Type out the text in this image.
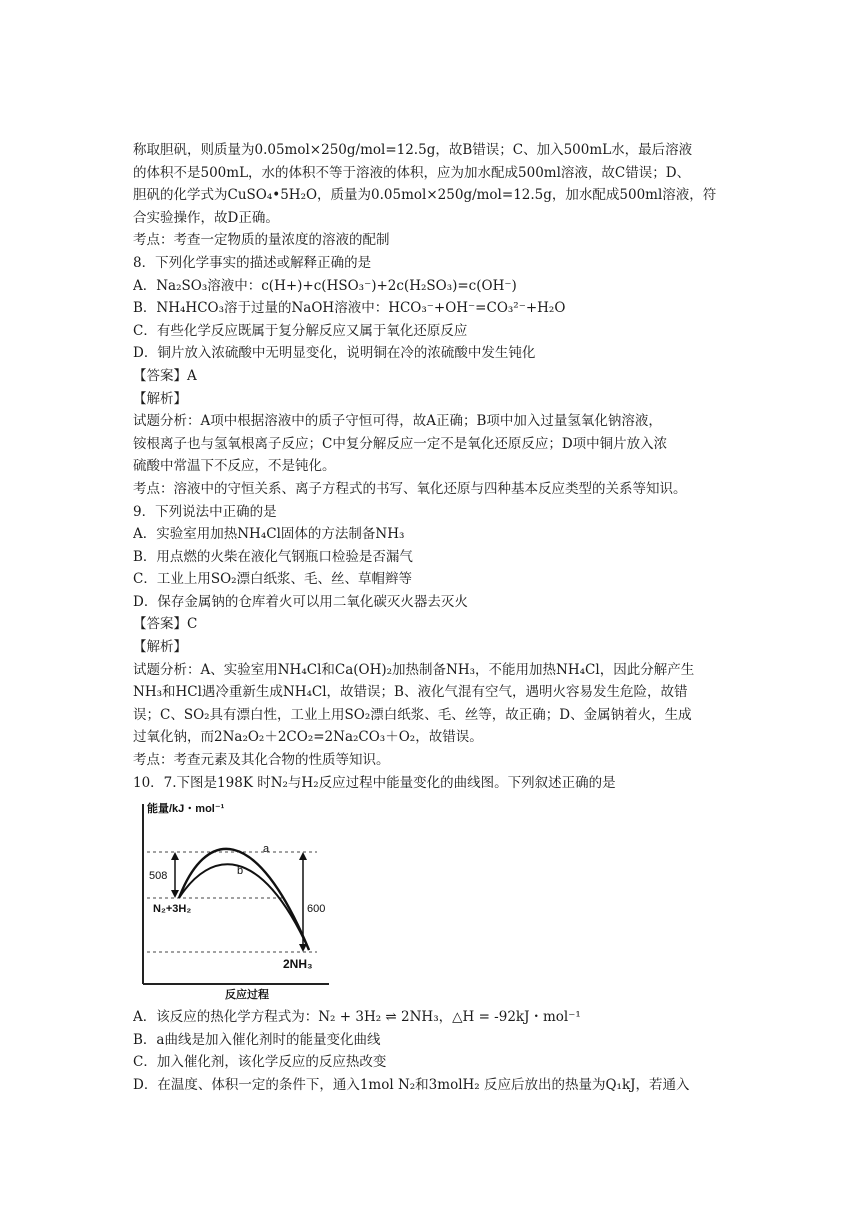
称取胆矾，则质量为0.05mol×250g/mol=12.5g，故B错误；C、加入500mL水，最后溶液
的体积不是500mL，水的体积不等于溶液的体积，应为加水配成500ml溶液，故C错误；D、
胆矾的化学式为CuSO₄•5H₂O，质量为0.05mol×250g/mol=12.5g，加水配成500ml溶液，符
合实验操作，故D正确。
考点：考查一定物质的量浓度的溶液的配制
8．下列化学事实的描述或解释正确的是
A．Na₂SO₃溶液中：c(H+)+c(HSO₃⁻)+2c(H₂SO₃)=c(OH⁻)
B．NH₄HCO₃溶于过量的NaOH溶液中：HCO₃⁻+OH⁻=CO₃²⁻+H₂O
C．有些化学反应既属于复分解反应又属于氧化还原反应
D．铜片放入浓硫酸中无明显变化，说明铜在冷的浓硫酸中发生钝化
【答案】A
【解析】
试题分析：A项中根据溶液中的质子守恒可得，故A正确；B项中加入过量氢氧化钠溶液，
铵根离子也与氢氧根离子反应；C中复分解反应一定不是氧化还原反应；D项中铜片放入浓
硫酸中常温下不反应，不是钝化。
考点：溶液中的守恒关系、离子方程式的书写、氧化还原与四种基本反应类型的关系等知识。
9．下列说法中正确的是
A．实验室用加热NH₄Cl固体的方法制备NH₃
B．用点燃的火柴在液化气钢瓶口检验是否漏气
C．工业上用SO₂漂白纸浆、毛、丝、草帽辫等
D．保存金属钠的仓库着火可以用二氧化碳灭火器去灭火
【答案】C
【解析】
试题分析：A、实验室用NH₄Cl和Ca(OH)₂加热制备NH₃，不能用加热NH₄Cl，因此分解产生
NH₃和HCl遇冷重新生成NH₄Cl，故错误；B、液化气混有空气，遇明火容易发生危险，故错
误；C、SO₂具有漂白性，工业上用SO₂漂白纸浆、毛、丝等，故正确；D、金属钠着火，生成
过氧化钠，而2Na₂O₂＋2CO₂=2Na₂CO₃＋O₂，故错误。
考点：考查元素及其化合物的性质等知识。
10．7.下图是198K 时N₂与H₂反应过程中能量变化的曲线图。下列叙述正确的是
能量/kJ・mol⁻¹
反应过程
a
b
508
600
N₂+3H₂
2NH₃
A．该反应的热化学方程式为：N₂ + 3H₂ ⇌ 2NH₃，△H = -92kJ・mol⁻¹
B．a曲线是加入催化剂时的能量变化曲线
C．加入催化剂，该化学反应的反应热改变
D．在温度、体积一定的条件下，通入1mol N₂和3molH₂ 反应后放出的热量为Q₁kJ，若通入
